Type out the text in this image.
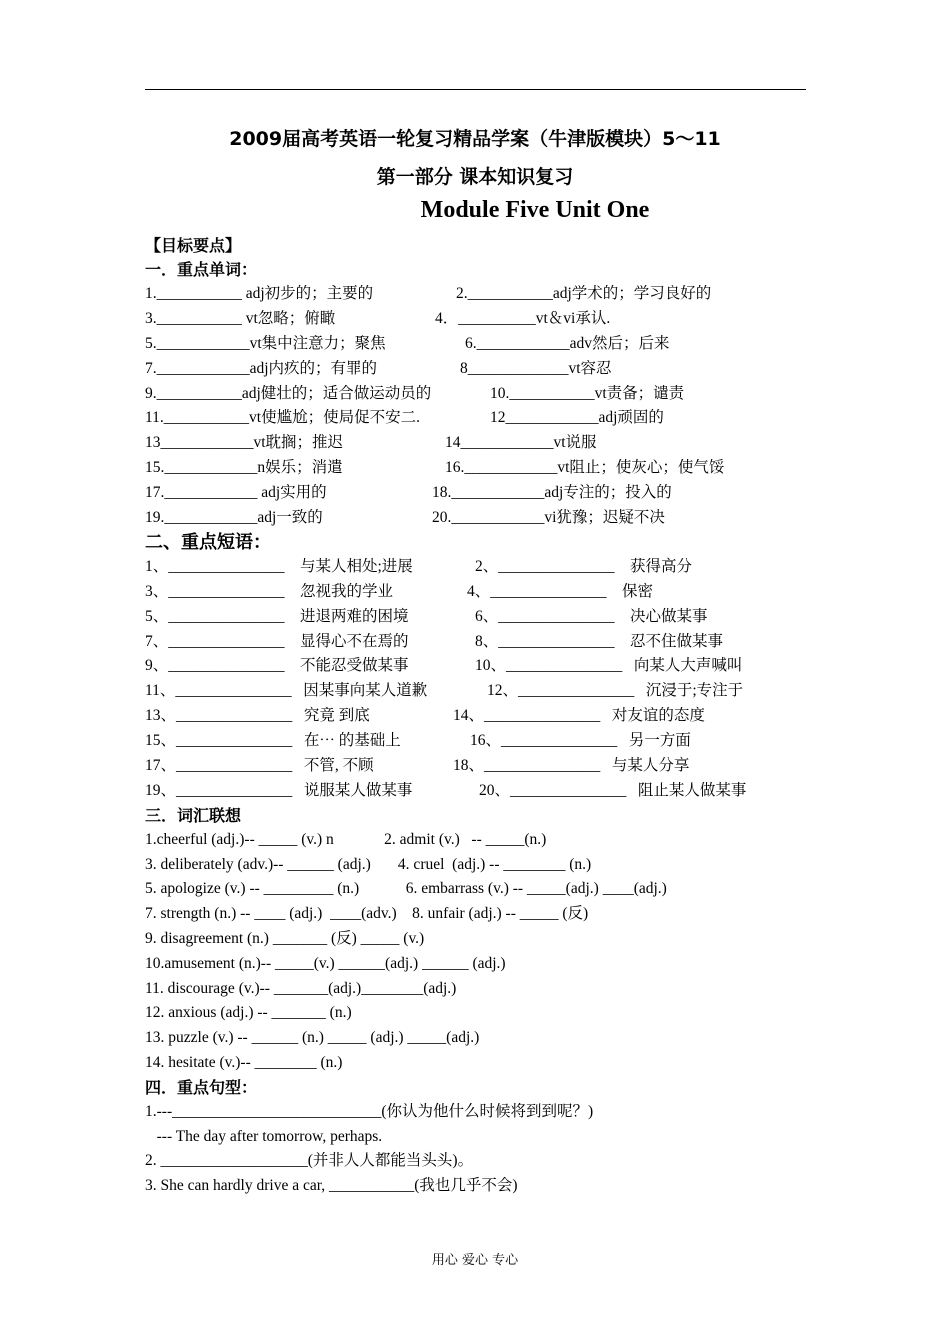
2009届高考英语一轮复习精品学案（牛津版模块）5～11
第一部分 课本知识复习
Module Five Unit One
【目标要点】
一．重点单词：
1.___________ adj初步的；主要的	2.___________adj学术的；学习良好的
3.___________ vt忽略；俯瞰	4．__________vt＆vi承认.
5.____________vt集中注意力；聚焦	6.____________adv然后；后来
7.____________adj内疚的；有罪的	8_____________vt容忍
9.___________adj健壮的；适合做运动员的	10.___________vt责备；谴责
11.___________vt使尴尬；使局促不安二.	12____________adj顽固的
13____________vt耽搁；推迟	14____________vt说服
15.____________n娱乐；消遣	16.____________vt阻止；使灰心；使气馁
17.____________ adj实用的	18.____________adj专注的；投入的
19.____________adj一致的	20.____________vi犹豫；迟疑不决
二、重点短语：
1、_______________    与某人相处;进展	2、_______________    获得高分
3、_______________    忽视我的学业	4、_______________    保密
5、_______________    进退两难的困境	6、_______________    决心做某事
7、_______________    显得心不在焉的	8、_______________    忍不住做某事
9、_______________    不能忍受做某事	10、_______________   向某人大声喊叫
11、_______________   因某事向某人道歉	12、_______________   沉浸于;专注于
13、_______________   究竟 到底	14、_______________   对友谊的态度
15、_______________   在⋯ 的基础上	16、_______________   另一方面
17、_______________   不管, 不顾	18、_______________   与某人分享
19、_______________   说服某人做某事	20、_______________   阻止某人做某事
三．词汇联想
1.cheerful (adj.)-- _____ (v.) n             2. admit (v.)   -- _____(n.)
3. deliberately (adv.)-- ______ (adj.)       4. cruel  (adj.) -- ________ (n.)
5. apologize (v.) -- _________ (n.)            6. embarrass (v.) -- _____(adj.) ____(adj.)
7. strength (n.) -- ____ (adj.)  ____(adv.)    8. unfair (adj.) -- _____ (反)
9. disagreement (n.) _______ (反) _____ (v.)
10.amusement (n.)-- _____(v.) ______(adj.) ______ (adj.)
11. discourage (v.)-- _______(adj.)________(adj.)
12. anxious (adj.) -- _______ (n.)
13. puzzle (v.) -- ______ (n.) _____ (adj.) _____(adj.)
14. hesitate (v.)-- ________ (n.)
四．重点句型：
1.---___________________________(你认为他什么时候将到到呢？)
--- The day after tomorrow, perhaps.
2. ___________________(并非人人都能当头头)。
3. She can hardly drive a car, ___________(我也几乎不会)
用心 爱心 专心
